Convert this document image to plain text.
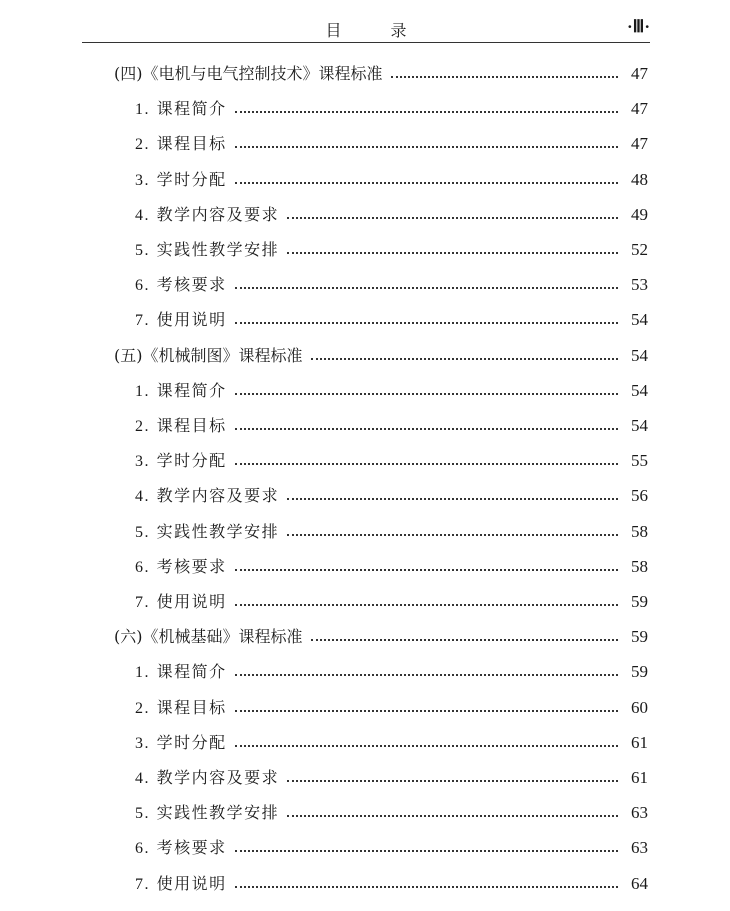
目 录	·Ⅲ·
(四)《电机与电气控制技术》课程标准	47
1. 课程简介	47
2. 课程目标	47
3. 学时分配	48
4. 教学内容及要求	49
5. 实践性教学安排	52
6. 考核要求	53
7. 使用说明	54
(五)《机械制图》课程标准	54
1. 课程简介	54
2. 课程目标	54
3. 学时分配	55
4. 教学内容及要求	56
5. 实践性教学安排	58
6. 考核要求	58
7. 使用说明	59
(六)《机械基础》课程标准	59
1. 课程简介	59
2. 课程目标	60
3. 学时分配	61
4. 教学内容及要求	61
5. 实践性教学安排	63
6. 考核要求	63
7. 使用说明	64
